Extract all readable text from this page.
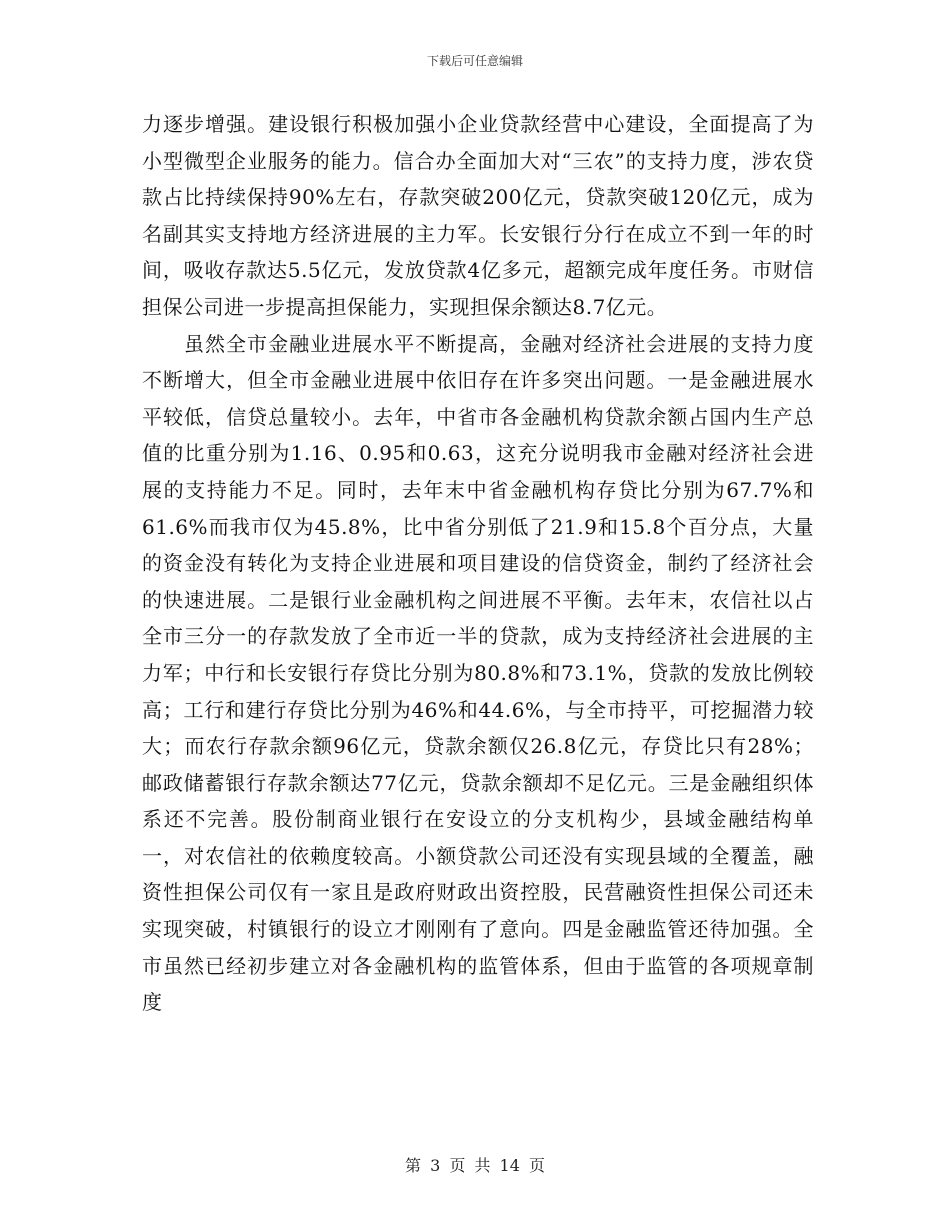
下载后可任意编辑

力逐步增强。建设银行积极加强小企业贷款经营中心建设，全面提高了为小型微型企业服务的能力。信合办全面加大对“三农”的支持力度，涉农贷款占比持续保持90%左右，存款突破200亿元，贷款突破120亿元，成为名副其实支持地方经济进展的主力军。长安银行分行在成立不到一年的时间，吸收存款达5.5亿元，发放贷款4亿多元，超额完成年度任务。市财信担保公司进一步提高担保能力，实现担保余额达8.7亿元。

虽然全市金融业进展水平不断提高，金融对经济社会进展的支持力度不断增大，但全市金融业进展中依旧存在许多突出问题。一是金融进展水平较低，信贷总量较小。去年，中省市各金融机构贷款余额占国内生产总值的比重分别为1.16、0.95和0.63，这充分说明我市金融对经济社会进展的支持能力不足。同时，去年末中省金融机构存贷比分别为67.7%和61.6%而我市仅为45.8%，比中省分别低了21.9和15.8个百分点，大量的资金没有转化为支持企业进展和项目建设的信贷资金，制约了经济社会的快速进展。二是银行业金融机构之间进展不平衡。去年末，农信社以占全市三分一的存款发放了全市近一半的贷款，成为支持经济社会进展的主力军；中行和长安银行存贷比分别为80.8%和73.1%，贷款的发放比例较高；工行和建行存贷比分别为46%和44.6%，与全市持平，可挖掘潜力较大；而农行存款余额96亿元，贷款余额仅26.8亿元，存贷比只有28%；邮政储蓄银行存款余额达77亿元，贷款余额却不足亿元。三是金融组织体系还不完善。股份制商业银行在安设立的分支机构少，县域金融结构单一，对农信社的依赖度较高。小额贷款公司还没有实现县域的全覆盖，融资性担保公司仅有一家且是政府财政出资控股，民营融资性担保公司还未实现突破，村镇银行的设立才刚刚有了意向。四是金融监管还待加强。全市虽然已经初步建立对各金融机构的监管体系，但由于监管的各项规章制度

第 3 页 共 14 页
